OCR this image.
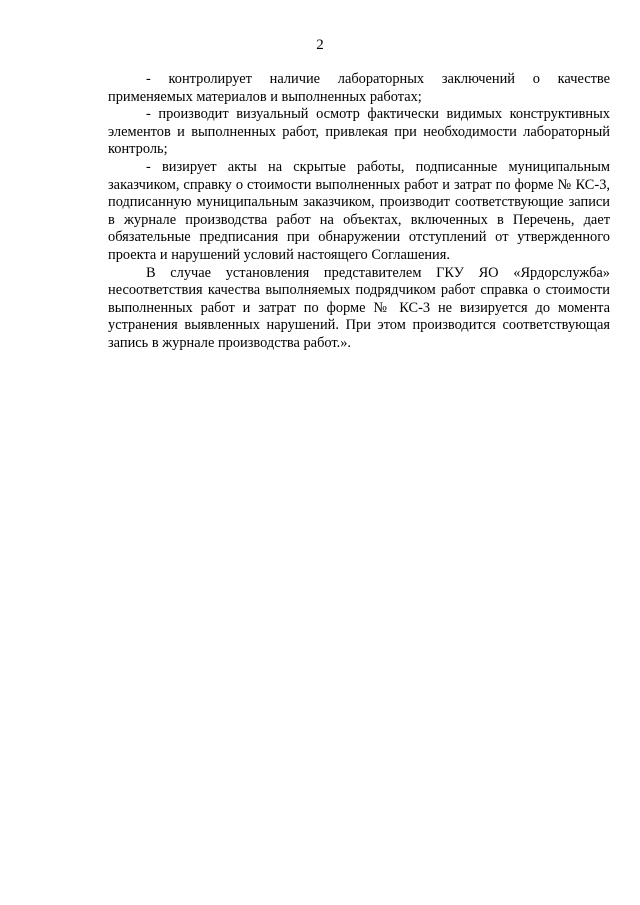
2

- контролирует наличие лабораторных заключений о качестве применяемых материалов и выполненных работах;

- производит визуальный осмотр фактически видимых конструктивных элементов и выполненных работ, привлекая при необходимости лабораторный контроль;

- визирует акты на скрытые работы, подписанные муниципальным заказчиком, справку о стоимости выполненных работ и затрат по форме № КС-3, подписанную муниципальным заказчиком, производит соответствующие записи в журнале производства работ на объектах, включенных в Перечень, дает обязательные предписания при обнаружении отступлений от утвержденного проекта и нарушений условий настоящего Соглашения.

В случае установления представителем ГКУ ЯО «Ярдорслужба» несоответствия качества выполняемых подрядчиком работ справка о стоимости выполненных работ и затрат по форме № КС-3 не визируется до момента устранения выявленных нарушений. При этом производится соответствующая запись в журнале производства работ.».
